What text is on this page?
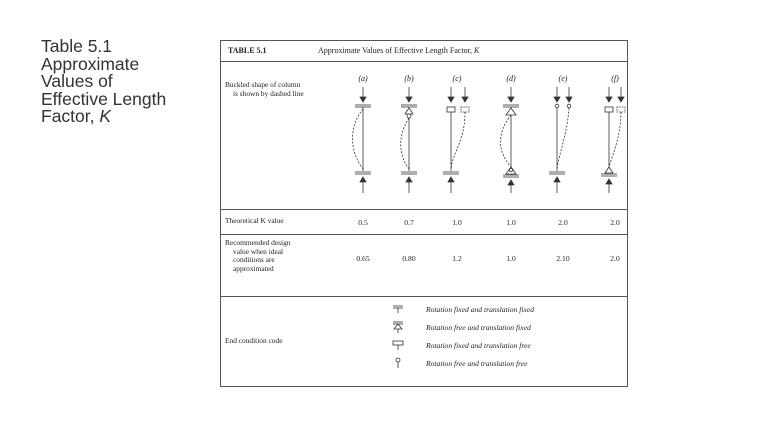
Table 5.1
Approximate
Values of
Effective Length
Factor, K
TABLE 5.1	Approximate Values of Effective Length Factor, K
Buckled shape of column
is shown by dashed line
(a)	(b)	(c)	(d)	(e)	(f)
Theoretical K value	0.5	0.7	1.0	1.0	2.0	2.0
Recommended design
value when ideal
conditions are
approximated
0.65	0.80	1.2	1.0	2.10	2.0
End condition code
Rotation fixed and translation fixed
Rotation free and translation fixed
Rotation fixed and translation free
Rotation free and translation free
